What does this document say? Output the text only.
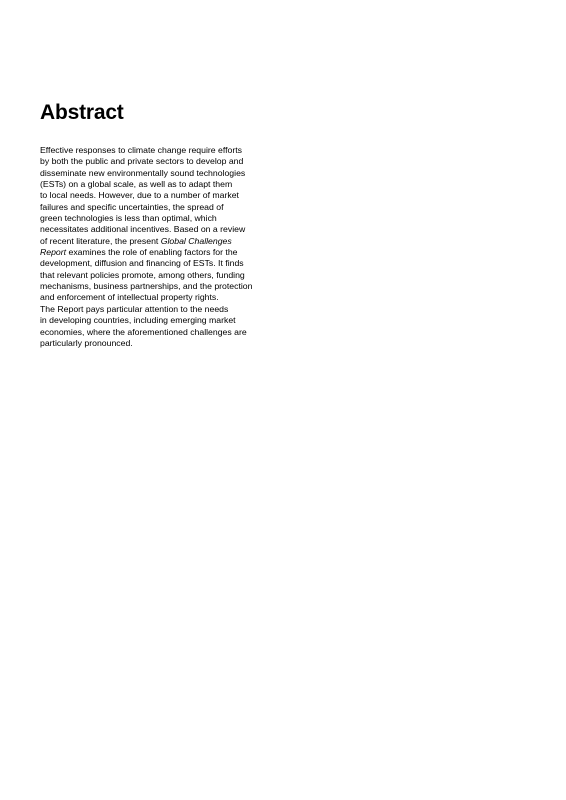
Abstract
Effective responses to climate change require efforts
by both the public and private sectors to develop and
disseminate new environmentally sound technologies
(ESTs) on a global scale, as well as to adapt them
to local needs. However, due to a number of market
failures and specific uncertainties, the spread of
green technologies is less than optimal, which
necessitates additional incentives. Based on a review
of recent literature, the present Global Challenges
Report examines the role of enabling factors for the
development, diffusion and financing of ESTs. It finds
that relevant policies promote, among others, funding
mechanisms, business partnerships, and the protection
and enforcement of intellectual property rights.
The Report pays particular attention to the needs
in developing countries, including emerging market
economies, where the aforementioned challenges are
particularly pronounced.
